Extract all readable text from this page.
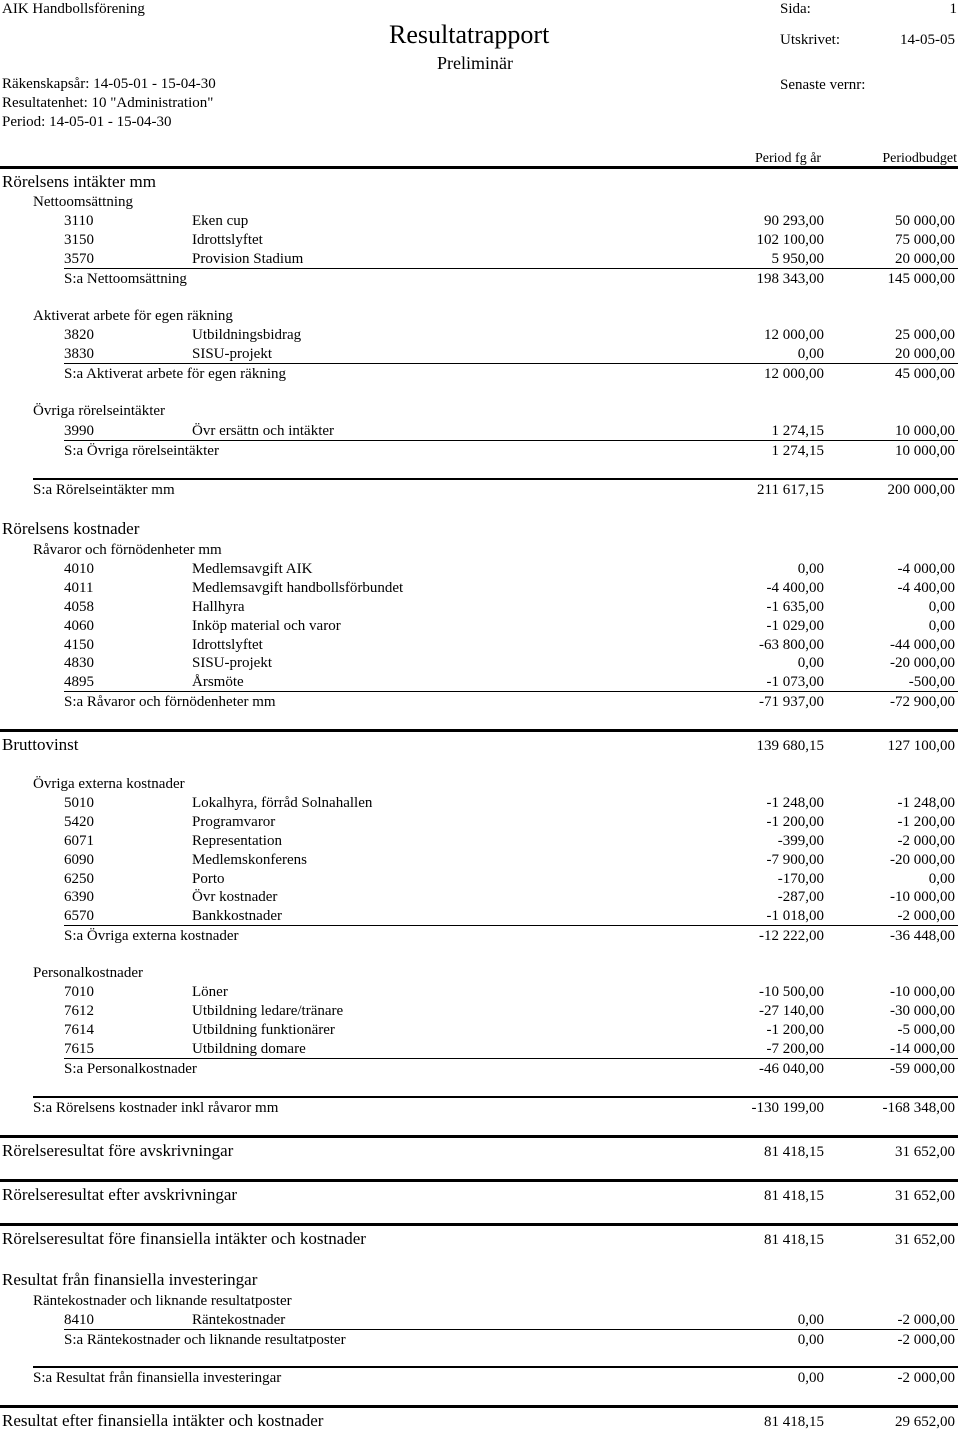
AIK Handbollsförening
Resultatrapport
Preliminär
Sida:	1
Utskrivet:	14-05-05
Senaste vernr:
Räkenskapsår: 14-05-01 - 15-04-30
Resultatenhet: 10 "Administration"
Period: 14-05-01 - 15-04-30
Period fg år	Periodbudget
Rörelsens intäkter mm
Nettoomsättning
3110	Eken cup	90 293,00	50 000,00
3150	Idrottslyftet	102 100,00	75 000,00
3570	Provision Stadium	5 950,00	20 000,00
S:a Nettoomsättning	198 343,00	145 000,00
Aktiverat arbete för egen räkning
3820	Utbildningsbidrag	12 000,00	25 000,00
3830	SISU-projekt	0,00	20 000,00
S:a Aktiverat arbete för egen räkning	12 000,00	45 000,00
Övriga rörelseintäkter
3990	Övr ersättn och intäkter	1 274,15	10 000,00
S:a Övriga rörelseintäkter	1 274,15	10 000,00
S:a Rörelseintäkter mm	211 617,15	200 000,00
Rörelsens kostnader
Råvaror och förnödenheter mm
4010	Medlemsavgift AIK	0,00	-4 000,00
4011	Medlemsavgift handbollsförbundet	-4 400,00	-4 400,00
4058	Hallhyra	-1 635,00	0,00
4060	Inköp material och varor	-1 029,00	0,00
4150	Idrottslyftet	-63 800,00	-44 000,00
4830	SISU-projekt	0,00	-20 000,00
4895	Årsmöte	-1 073,00	-500,00
S:a Råvaror och förnödenheter mm	-71 937,00	-72 900,00
Bruttovinst	139 680,15	127 100,00
Övriga externa kostnader
5010	Lokalhyra, förråd Solnahallen	-1 248,00	-1 248,00
5420	Programvaror	-1 200,00	-1 200,00
6071	Representation	-399,00	-2 000,00
6090	Medlemskonferens	-7 900,00	-20 000,00
6250	Porto	-170,00	0,00
6390	Övr kostnader	-287,00	-10 000,00
6570	Bankkostnader	-1 018,00	-2 000,00
S:a Övriga externa kostnader	-12 222,00	-36 448,00
Personalkostnader
7010	Löner	-10 500,00	-10 000,00
7612	Utbildning ledare/tränare	-27 140,00	-30 000,00
7614	Utbildning funktionärer	-1 200,00	-5 000,00
7615	Utbildning domare	-7 200,00	-14 000,00
S:a Personalkostnader	-46 040,00	-59 000,00
S:a Rörelsens kostnader inkl råvaror mm	-130 199,00	-168 348,00
Rörelseresultat före avskrivningar	81 418,15	31 652,00
Rörelseresultat efter avskrivningar	81 418,15	31 652,00
Rörelseresultat före finansiella intäkter och kostnader	81 418,15	31 652,00
Resultat från finansiella investeringar
Räntekostnader och liknande resultatposter
8410	Räntekostnader	0,00	-2 000,00
S:a Räntekostnader och liknande resultatposter	0,00	-2 000,00
S:a Resultat från finansiella investeringar	0,00	-2 000,00
Resultat efter finansiella intäkter och kostnader	81 418,15	29 652,00
